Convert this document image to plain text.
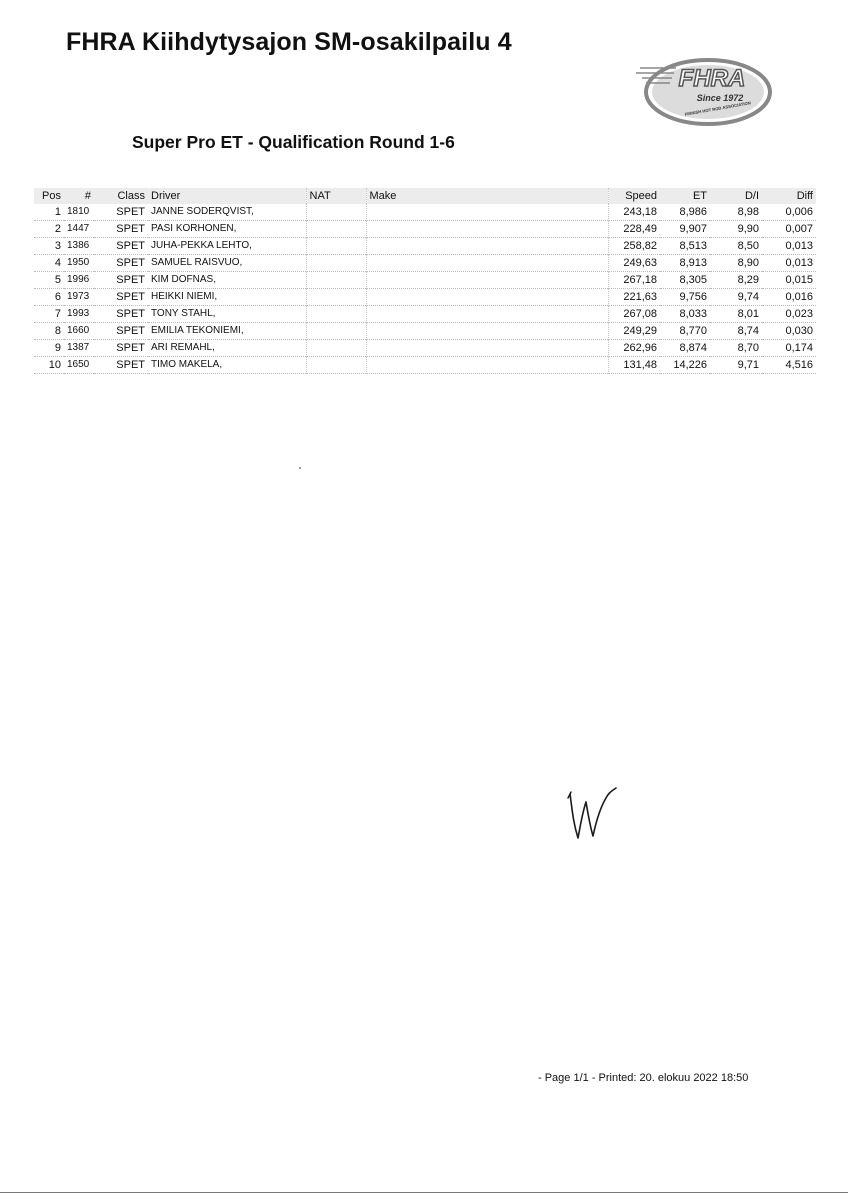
FHRA Kiihdytysajon SM-osakilpailu 4
FHRA
Since 1972
FINNISH HOT ROD ASSOCIATION
Super Pro ET - Qualification Round 1-6
Pos	#	Class	Driver	NAT	Make	Speed	ET	D/I	Diff
1	1810	SPET	JANNE SODERQVIST,			243,18	8,986	8,98	0,006
2	1447	SPET	PASI KORHONEN,			228,49	9,907	9,90	0,007
3	1386	SPET	JUHA-PEKKA LEHTO,			258,82	8,513	8,50	0,013
4	1950	SPET	SAMUEL RAISVUO,			249,63	8,913	8,90	0,013
5	1996	SPET	KIM DOFNAS,			267,18	8,305	8,29	0,015
6	1973	SPET	HEIKKI NIEMI,			221,63	9,756	9,74	0,016
7	1993	SPET	TONY STAHL,			267,08	8,033	8,01	0,023
8	1660	SPET	EMILIA TEKONIEMI,			249,29	8,770	8,74	0,030
9	1387	SPET	ARI REMAHL,			262,96	8,874	8,70	0,174
10	1650	SPET	TIMO MAKELA,			131,48	14,226	9,71	4,516
- Page 1/1 - Printed: 20. elokuu 2022 18:50
